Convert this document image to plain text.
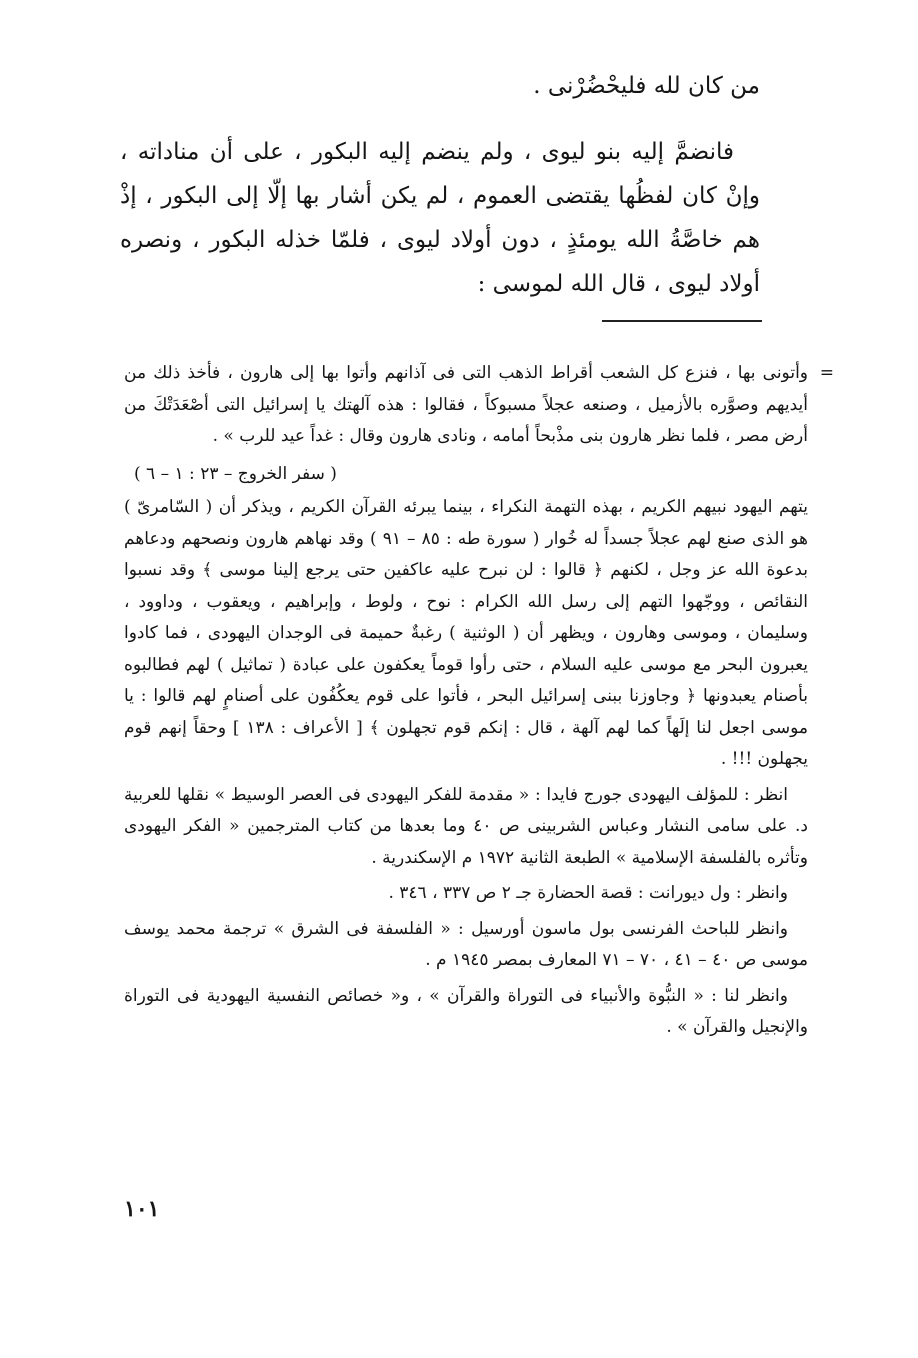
من كان لله فليحْضُرْنى .

فانضمَّ إليه بنو ليوى ، ولم ينضم إليه البكور ، على أن مناداته ، وإنْ كان لفظُها يقتضى العموم ، لم يكن أشار بها إلّا إلى البكور ، إذْ هم خاصَّةُ الله يومئذٍ ، دون أولاد ليوى ، فلمّا خذله البكور ، ونصره أولاد ليوى ، قال الله لموسى :

=
وأتونى بها ، فنزع كل الشعب أقراط الذهب التى فى آذانهم وأتوا بها إلى هارون ، فأخذ ذلك من أيديهم وصوَّره بالأزميل ، وصنعه عجلاً مسبوكاً ، فقالوا : هذه آلهتك يا إسرائيل التى أصْعَدَتْكَ من أرض مصر ، فلما نظر هارون بنى مذْبحاً أمامه ، ونادى هارون وقال : غداً عيد للرب » .

( سفر الخروج – ٢٣ : ١ – ٦ )

يتهم اليهود نبيهم الكريم ، بهذه التهمة النكراء ، بينما يبرئه القرآن الكريم ، ويذكر أن ( السّامرىّ ) هو الذى صنع لهم عجلاً جسداً له خُوار ( سورة طه : ٨٥ – ٩١ ) وقد نهاهم هارون ونصحهم ودعاهم بدعوة الله عز وجل ، لكنهم ﴿ قالوا : لن نبرح عليه عاكفين حتى يرجع إلينا موسى ﴾ وقد نسبوا النقائص ، ووجّهوا التهم إلى رسل الله الكرام : نوح ، ولوط ، وإبراهيم ، ويعقوب ، وداوود ، وسليمان ، وموسى وهارون ، ويظهر أن ( الوثنية ) رغبةٌ حميمة فى الوجدان اليهودى ، فما كادوا يعبرون البحر مع موسى عليه السلام ، حتى رأوا قوماً يعكفون على عبادة ( تماثيل ) لهم فطالبوه بأصنام يعبدونها ﴿ وجاوزنا ببنى إسرائيل البحر ، فأتوا على قوم يعكُفُون على أصنامٍ لهم قالوا : يا موسى اجعل لنا إلَهاً كما لهم آلهة ، قال : إنكم قوم تجهلون ﴾ [ الأعراف : ١٣٨ ] وحقاً إنهم قوم يجهلون !!! .

انظر : للمؤلف اليهودى جورج فايدا : « مقدمة للفكر اليهودى فى العصر الوسيط » نقلها للعربية د. على سامى النشار وعباس الشربينى ص ٤٠ وما بعدها من كتاب المترجمين « الفكر اليهودى وتأثره بالفلسفة الإسلامية » الطبعة الثانية ١٩٧٢ م الإسكندرية .

وانظر : ول ديورانت : قصة الحضارة جـ ٢ ص ٣٣٧ ، ٣٤٦ .

وانظر للباحث الفرنسى بول ماسون أورسيل : « الفلسفة فى الشرق » ترجمة محمد يوسف موسى ص ٤٠ – ٤١ ، ٧٠ – ٧١ المعارف بمصر ١٩٤٥ م .

وانظر لنا : « النبُّوة والأنبياء فى التوراة والقرآن » ، و« خصائص النفسية اليهودية فى التوراة والإنجيل والقرآن » .

١٠١
